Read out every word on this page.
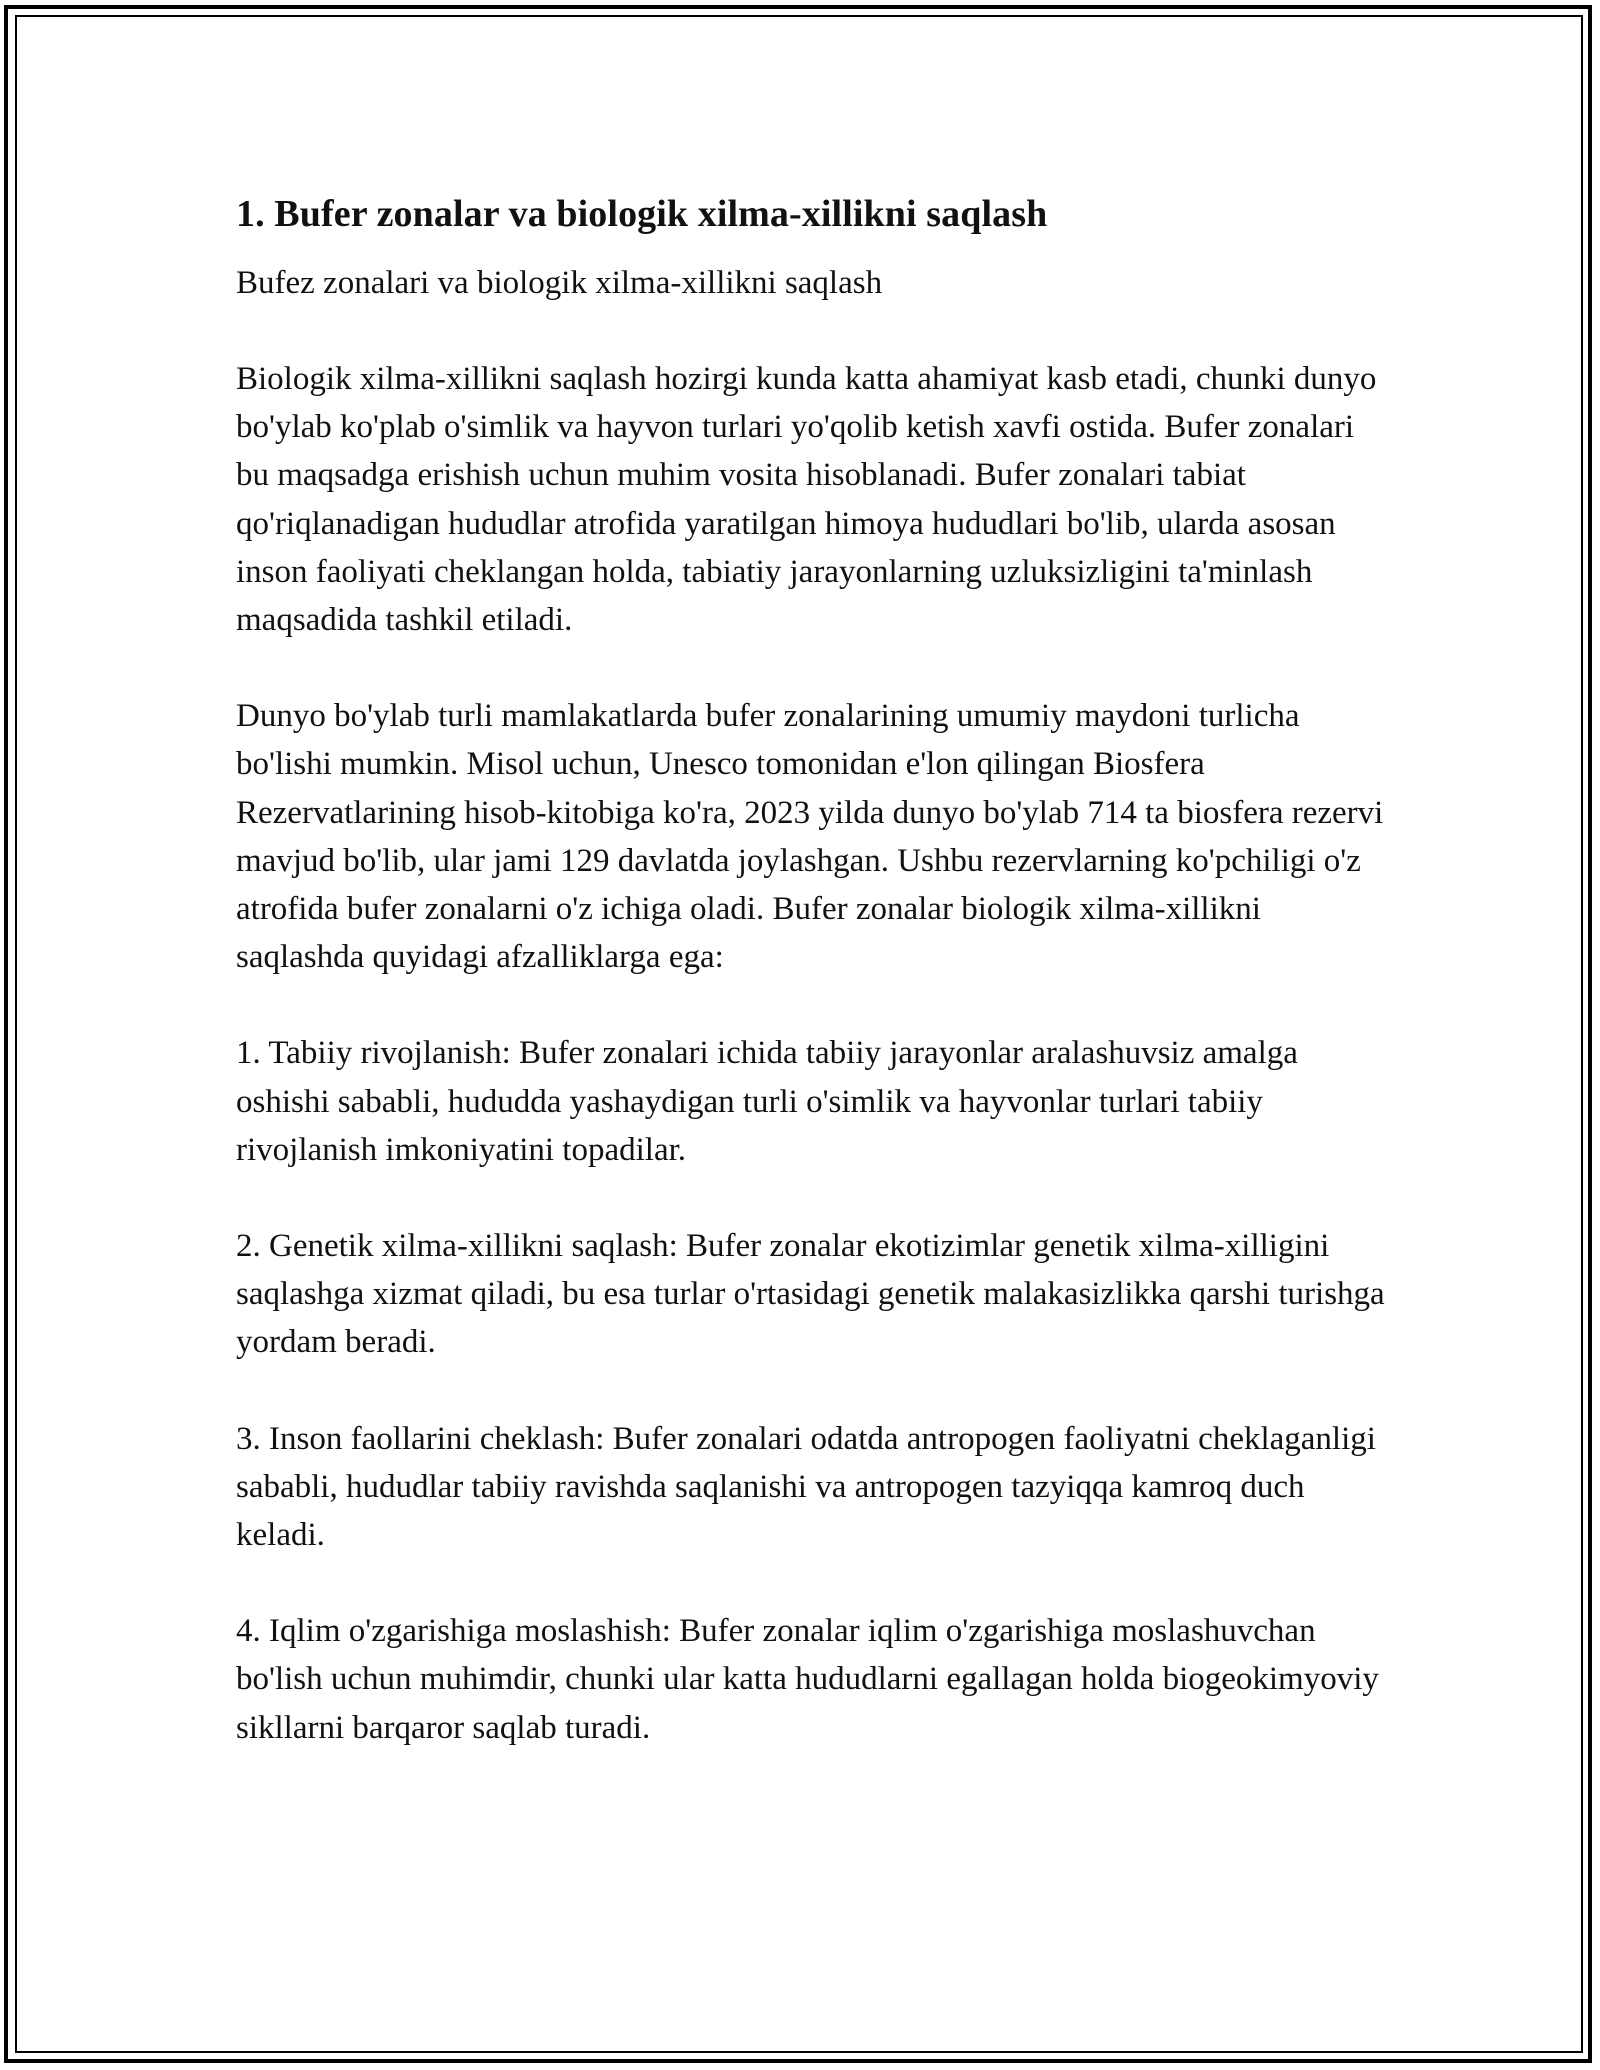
1. Bufer zonalar va biologik xilma-xillikni saqlash

Bufez zonalari va biologik xilma-xillikni saqlash

Biologik xilma-xillikni saqlash hozirgi kunda katta ahamiyat kasb etadi, chunki dunyo bo'ylab ko'plab o'simlik va hayvon turlari yo'qolib ketish xavfi ostida. Bufer zonalari bu maqsadga erishish uchun muhim vosita hisoblanadi. Bufer zonalari tabiat qo'riqlanadigan hududlar atrofida yaratilgan himoya hududlari bo'lib, ularda asosan inson faoliyati cheklangan holda, tabiatiy jarayonlarning uzluksizligini ta'minlash maqsadida tashkil etiladi.

Dunyo bo'ylab turli mamlakatlarda bufer zonalarining umumiy maydoni turlicha bo'lishi mumkin. Misol uchun, Unesco tomonidan e'lon qilingan Biosfera Rezervatlarining hisob-kitobiga ko'ra, 2023 yilda dunyo bo'ylab 714 ta biosfera rezervi mavjud bo'lib, ular jami 129 davlatda joylashgan. Ushbu rezervlarning ko'pchiligi o'z atrofida bufer zonalarni o'z ichiga oladi. Bufer zonalar biologik xilma-xillikni saqlashda quyidagi afzalliklarga ega:

1. Tabiiy rivojlanish: Bufer zonalari ichida tabiiy jarayonlar aralashuvsiz amalga oshishi sababli, hududda yashaydigan turli o'simlik va hayvonlar turlari tabiiy rivojlanish imkoniyatini topadilar.

2. Genetik xilma-xillikni saqlash: Bufer zonalar ekotizimlar genetik xilma-xilligini saqlashga xizmat qiladi, bu esa turlar o'rtasidagi genetik malakasizlikka qarshi turishga yordam beradi.

3. Inson faollarini cheklash: Bufer zonalari odatda antropogen faoliyatni cheklaganligi sababli, hududlar tabiiy ravishda saqlanishi va antropogen tazyiqqa kamroq duch keladi.

4. Iqlim o'zgarishiga moslashish: Bufer zonalar iqlim o'zgarishiga moslashuvchan bo'lish uchun muhimdir, chunki ular katta hududlarni egallagan holda biogeokimyoviy sikllarni barqaror saqlab turadi.
